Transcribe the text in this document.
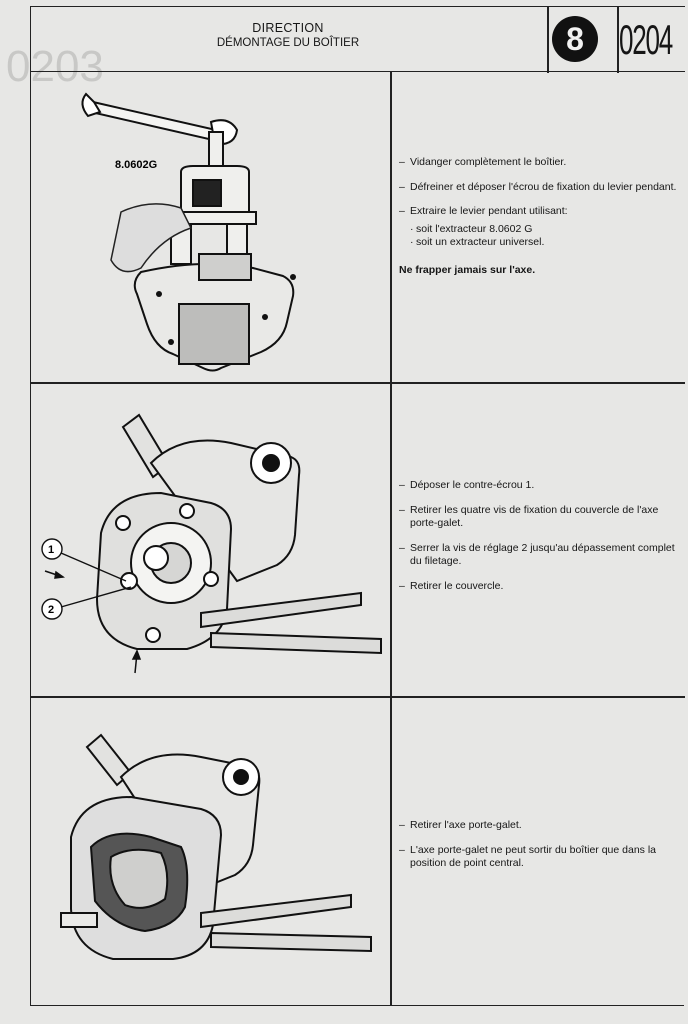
0203
DIRECTION
DÉMONTAGE DU BOÎTIER	8 0204
8.0602G
–	Vidanger complètement le boîtier.
– Défreiner et déposer l'écrou de fixation du levier pendant.
– Extraire le levier pendant utilisant:
· soit l'extracteur 8.0602 G
· soit un extracteur universel.
Ne frapper jamais sur l'axe.
1
2
– Déposer le contre-écrou 1.
– Retirer les quatre vis de fixation du couvercle de l'axe porte-galet.
– Serrer la vis de réglage 2 jusqu'au dépassement complet du filetage.
– Retirer le couvercle.
– Retirer l'axe porte-galet.
– L'axe porte-galet ne peut sortir du boîtier que dans la position de point central.
